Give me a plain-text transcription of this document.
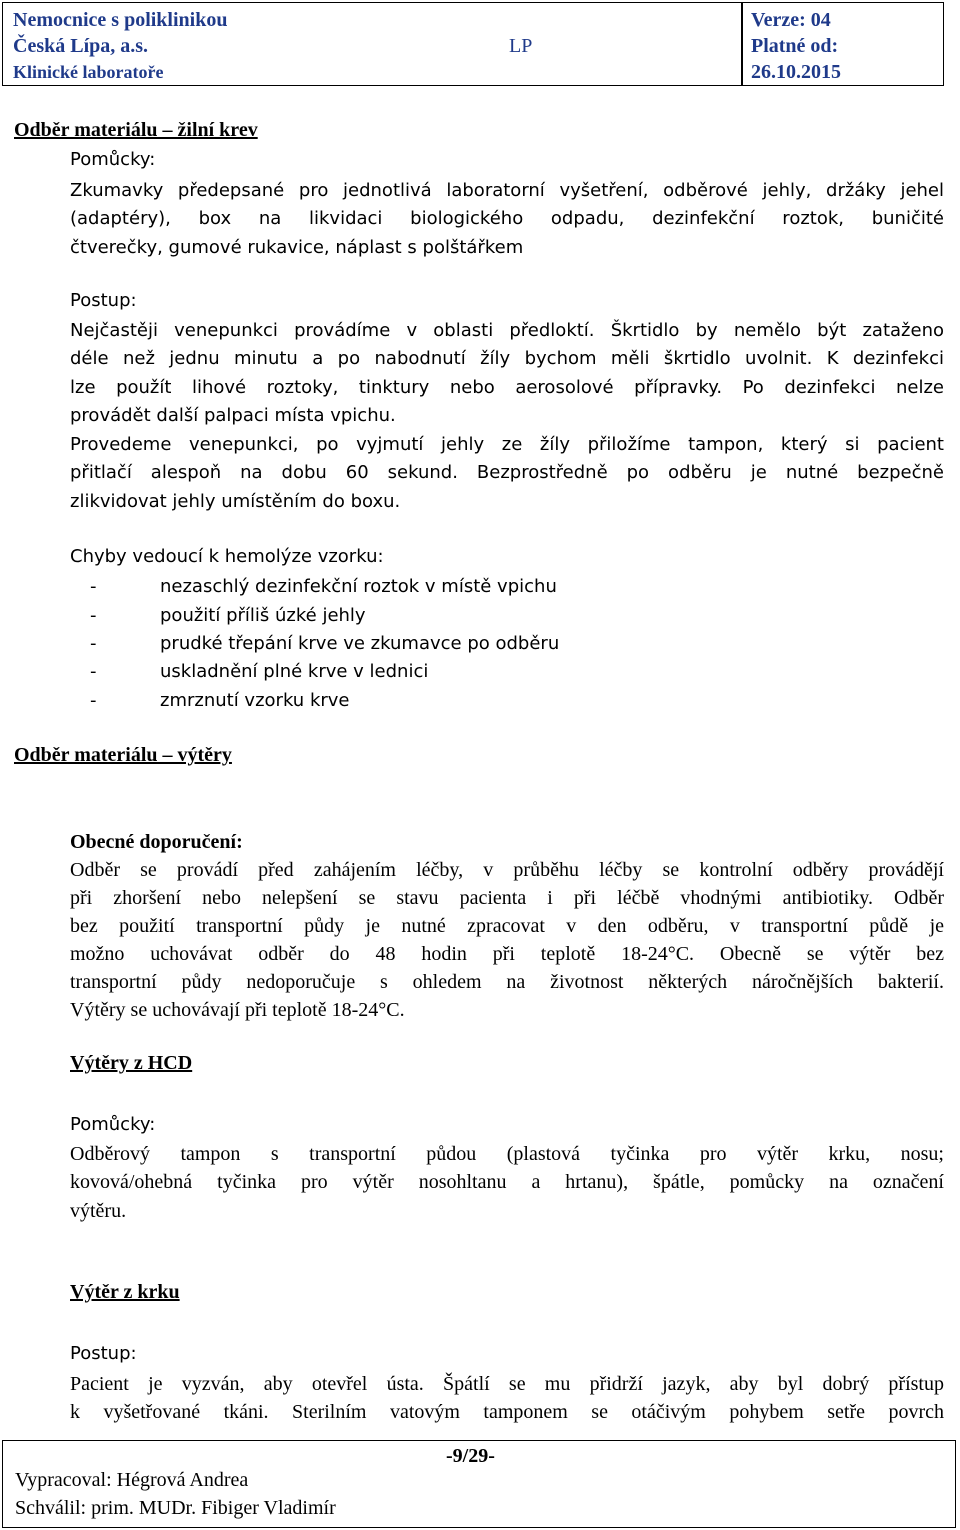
Nemocnice s poliklinikou
Česká Lípa, a.s.
Klinické laboratoře
LP
Verze: 04
Platné od:
26.10.2015
Odběr materiálu – žilní krev
Pomůcky:
Zkumavky předepsané pro jednotlivá laboratorní vyšetření, odběrové jehly, držáky jehel
(adaptéry), box na likvidaci biologického odpadu, dezinfekční roztok, buničité
čtverečky, gumové rukavice, náplast s polštářkem
Postup:
Nejčastěji venepunkci provádíme v oblasti předloktí. Škrtidlo by nemělo být zataženo
déle než jednu minutu a po nabodnutí žíly bychom měli škrtidlo uvolnit. K dezinfekci
lze použít lihové roztoky, tinktury nebo aerosolové přípravky. Po dezinfekci nelze
provádět další palpaci místa vpichu.
Provedeme venepunkci, po vyjmutí jehly ze žíly přiložíme tampon, který si pacient
přitlačí alespoň na dobu 60 sekund. Bezprostředně po odběru je nutné bezpečně
zlikvidovat jehly umístěním do boxu.
Chyby vedoucí k hemolýze vzorku:
-	nezaschlý dezinfekční roztok v místě vpichu
-	použití příliš úzké jehly
-	prudké třepání krve ve zkumavce po odběru
-	uskladnění plné krve v lednici
-	zmrznutí vzorku krve
Odběr materiálu – výtěry
Obecné doporučení:
Odběr se provádí před zahájením léčby, v průběhu léčby se kontrolní odběry provádějí
při zhoršení nebo nelepšení se stavu pacienta i při léčbě vhodnými antibiotiky. Odběr
bez použití transportní půdy je nutné zpracovat v den odběru, v transportní půdě je
možno uchovávat odběr do 48 hodin při teplotě 18-24°C. Obecně se výtěr bez
transportní půdy nedoporučuje s ohledem na životnost některých náročnějších bakterií.
Výtěry se uchovávají při teplotě 18-24°C.
Výtěry z HCD
Pomůcky:
Odběrový tampon s transportní půdou (plastová tyčinka pro výtěr krku, nosu;
kovová/ohebná tyčinka pro výtěr nosohltanu a hrtanu), špátle, pomůcky na označení
výtěru.
Výtěr z krku
Postup:
Pacient je vyzván, aby otevřel ústa. Špátlí se mu přidrží jazyk, aby byl dobrý přístup
k vyšetřované tkáni. Sterilním vatovým tamponem se otáčivým pohybem setře povrch
-9/29-
Vypracoval: Hégrová Andrea
Schválil: prim. MUDr. Fibiger Vladimír
